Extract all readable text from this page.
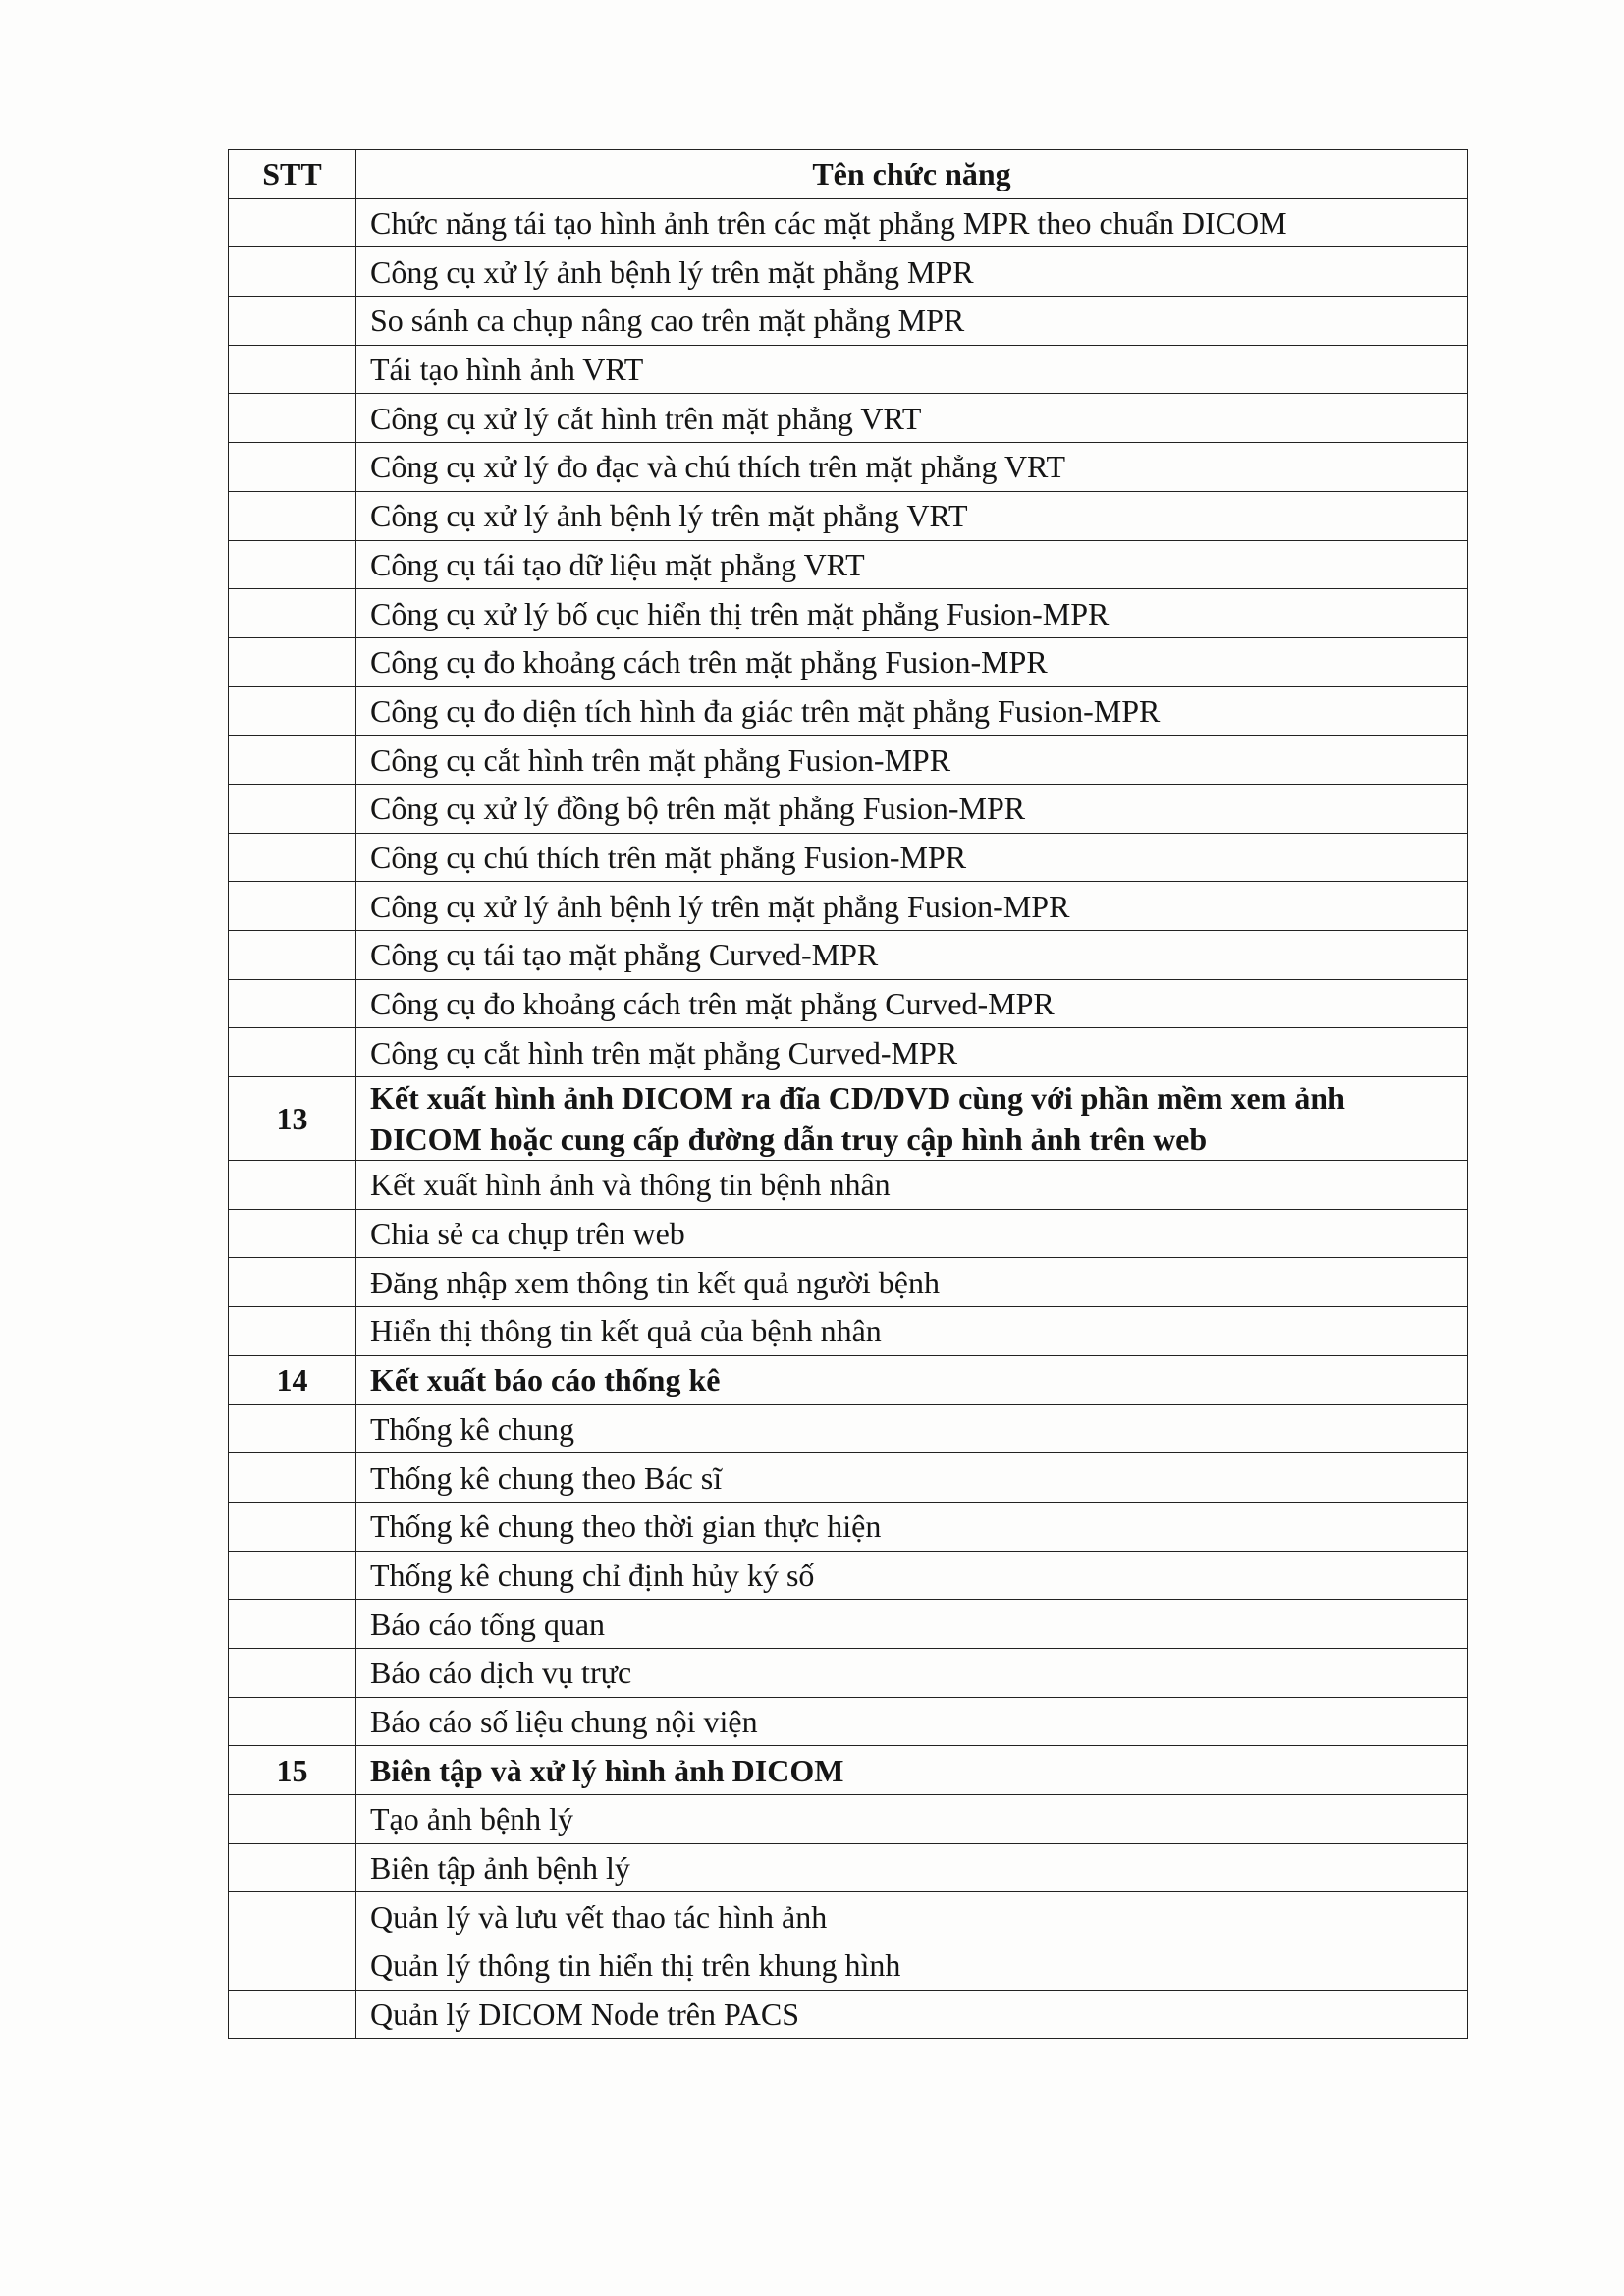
STT	Tên chức năng
	Chức năng tái tạo hình ảnh trên các mặt phẳng MPR theo chuẩn DICOM
	Công cụ xử lý ảnh bệnh lý trên mặt phẳng MPR
	So sánh ca chụp nâng cao trên mặt phẳng MPR
	Tái tạo hình ảnh VRT
	Công cụ xử lý cắt hình trên mặt phẳng VRT
	Công cụ xử lý đo đạc và chú thích trên mặt phẳng VRT
	Công cụ xử lý ảnh bệnh lý trên mặt phẳng VRT
	Công cụ tái tạo dữ liệu mặt phẳng VRT
	Công cụ xử lý bố cục hiển thị trên mặt phẳng Fusion-MPR
	Công cụ đo khoảng cách trên mặt phẳng Fusion-MPR
	Công cụ đo diện tích hình đa giác trên mặt phẳng Fusion-MPR
	Công cụ cắt hình trên mặt phẳng Fusion-MPR
	Công cụ xử lý đồng bộ trên mặt phẳng Fusion-MPR
	Công cụ chú thích trên mặt phẳng Fusion-MPR
	Công cụ xử lý ảnh bệnh lý trên mặt phẳng Fusion-MPR
	Công cụ tái tạo mặt phẳng Curved-MPR
	Công cụ đo khoảng cách trên mặt phẳng Curved-MPR
	Công cụ cắt hình trên mặt phẳng Curved-MPR
13	Kết xuất hình ảnh DICOM ra đĩa CD/DVD cùng với phần mềm xem ảnh DICOM hoặc cung cấp đường dẫn truy cập hình ảnh trên web
	Kết xuất hình ảnh và thông tin bệnh nhân
	Chia sẻ ca chụp trên web
	Đăng nhập xem thông tin kết quả người bệnh
	Hiển thị thông tin kết quả của bệnh nhân
14	Kết xuất báo cáo thống kê
	Thống kê chung
	Thống kê chung theo Bác sĩ
	Thống kê chung theo thời gian thực hiện
	Thống kê chung chỉ định hủy ký số
	Báo cáo tổng quan
	Báo cáo dịch vụ trực
	Báo cáo số liệu chung nội viện
15	Biên tập và xử lý hình ảnh DICOM
	Tạo ảnh bệnh lý
	Biên tập ảnh bệnh lý
	Quản lý và lưu vết thao tác hình ảnh
	Quản lý thông tin hiển thị trên khung hình
	Quản lý DICOM Node trên PACS
